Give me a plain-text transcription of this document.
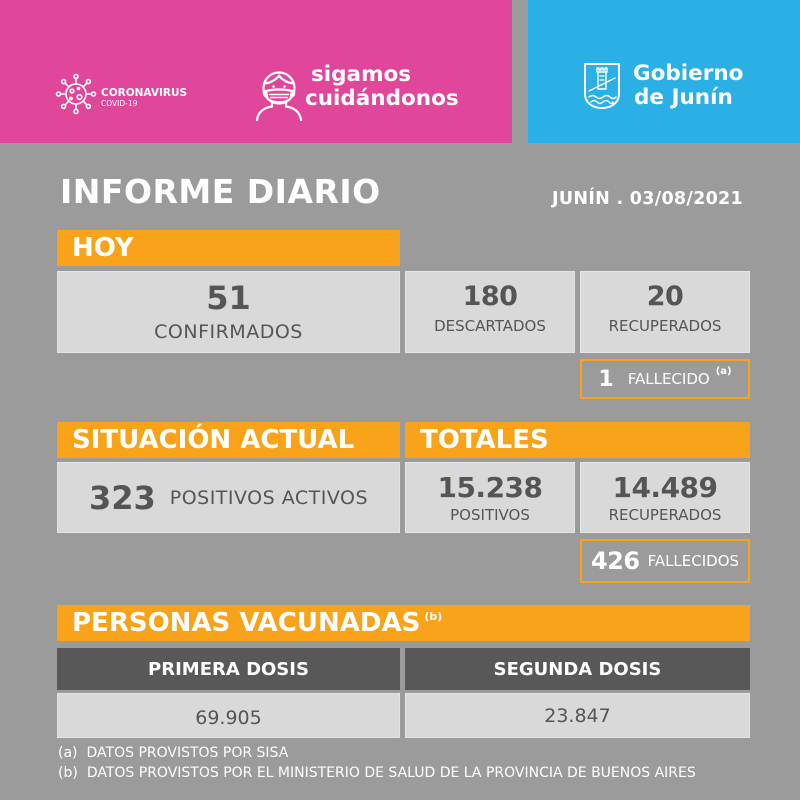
CORONAVIRUS
COVID-19
sigamos
cuidándonos
Gobierno
de Junín
INFORME DIARIO	JUNÍN . 03/08/2021
HOY
51
CONFIRMADOS
180
DESCARTADOS
20
RECUPERADOS
1 FALLECIDO (a)
SITUACIÓN ACTUAL	TOTALES
323 POSITIVOS ACTIVOS 15.238
POSITIVOS
14.489
RECUPERADOS
426 FALLECIDOS
PERSONAS VACUNADAS $^{(b)}$
PRIMERA DOSIS	SEGUNDA DOSIS
69.905	23.847
(a) DATOS PROVISTOS POR SISA
(b) DATOS PROVISTOS POR EL MINISTERIO DE SALUD DE LA PROVINCIA DE BUENOS AIRES
